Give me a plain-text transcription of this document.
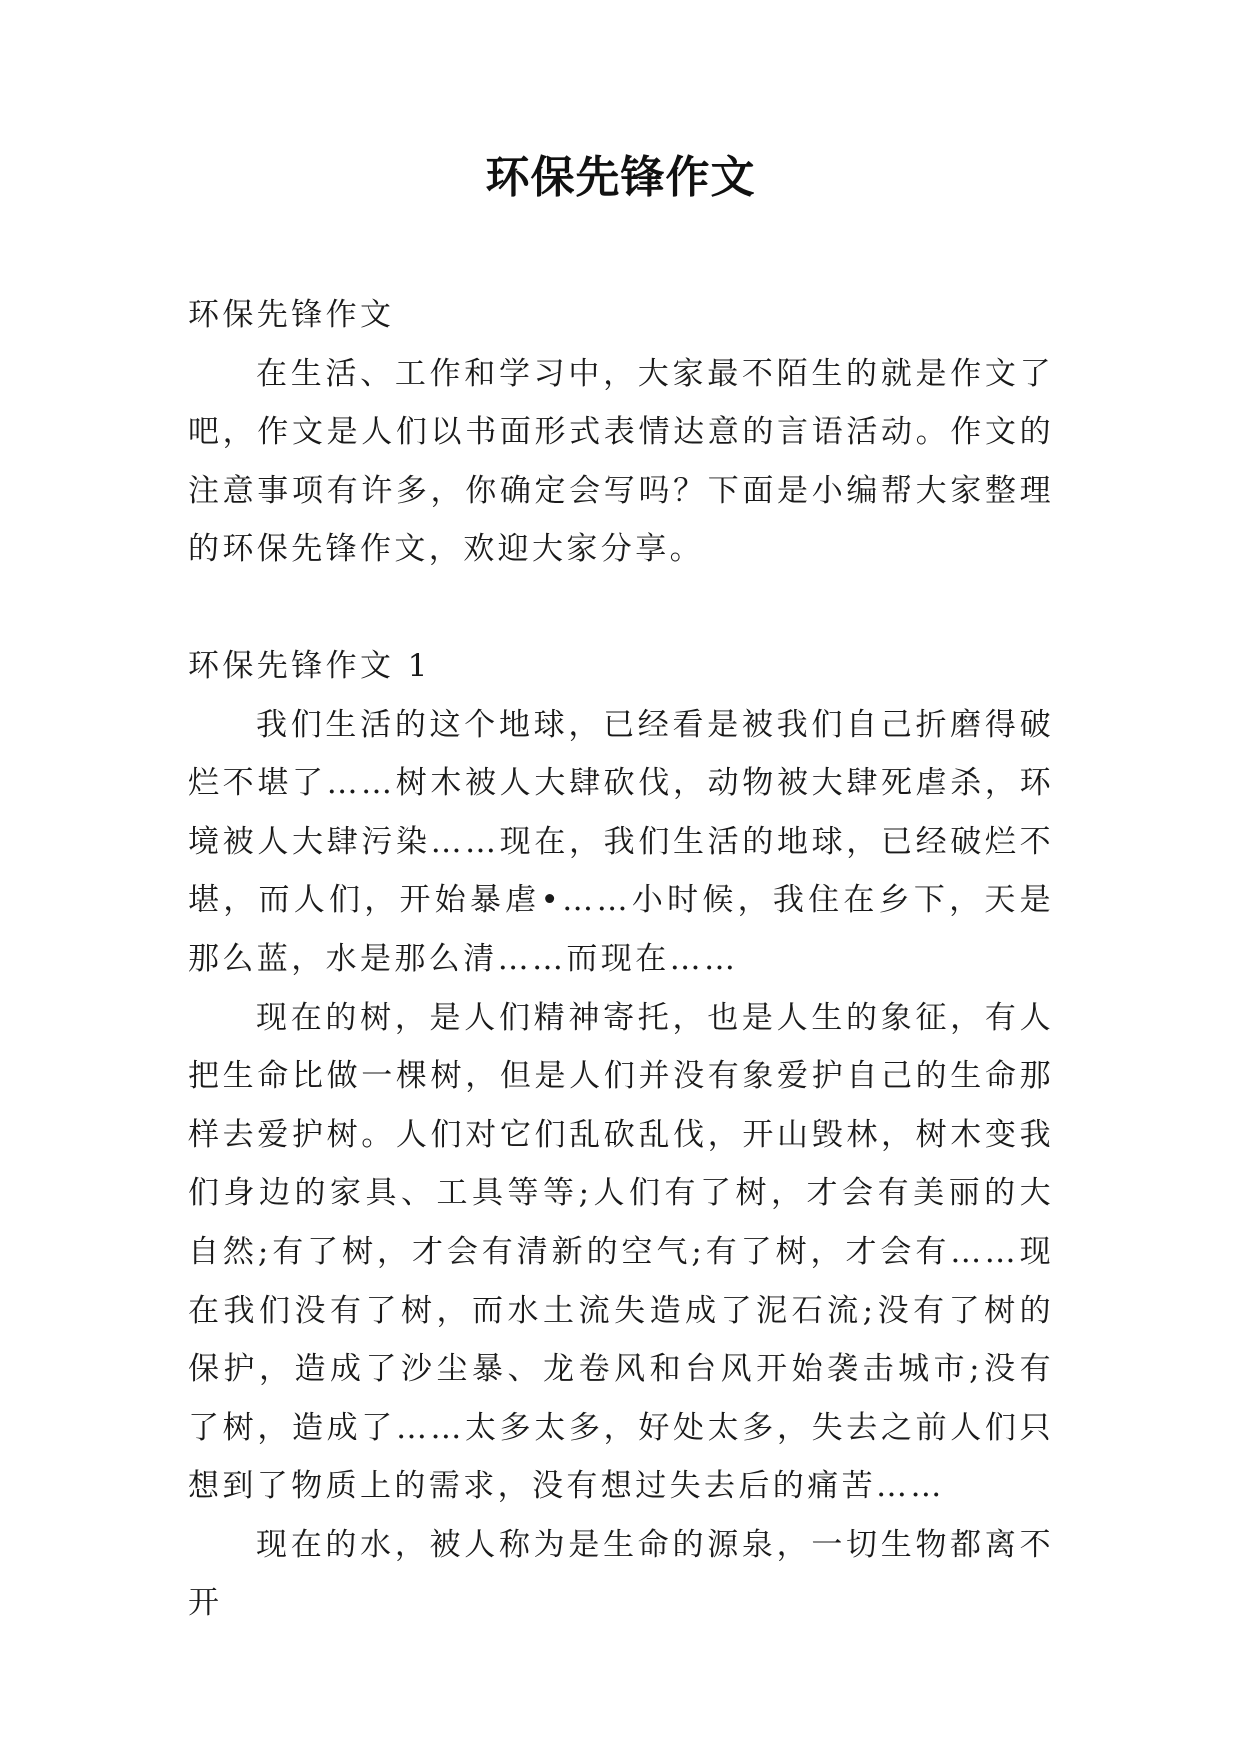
环保先锋作文

环保先锋作文

在生活、工作和学习中，大家最不陌生的就是作文了吧，作文是人们以书面形式表情达意的言语活动。作文的注意事项有许多，你确定会写吗？下面是小编帮大家整理的环保先锋作文，欢迎大家分享。

环保先锋作文 1

我们生活的这个地球，已经看是被我们自己折磨得破烂不堪了……树木被人大肆砍伐，动物被大肆死虐杀，环境被人大肆污染……现在，我们生活的地球，已经破烂不堪，而人们，开始暴虐•……小时候，我住在乡下，天是那么蓝，水是那么清……而现在……

现在的树，是人们精神寄托，也是人生的象征，有人把生命比做一棵树，但是人们并没有象爱护自己的生命那样去爱护树。人们对它们乱砍乱伐，开山毁林，树木变我们身边的家具、工具等等;人们有了树，才会有美丽的大自然;有了树，才会有清新的空气;有了树，才会有……现在我们没有了树，而水土流失造成了泥石流;没有了树的保护，造成了沙尘暴、龙卷风和台风开始袭击城市;没有了树，造成了……太多太多，好处太多，失去之前人们只想到了物质上的需求，没有想过失去后的痛苦……

现在的水，被人称为是生命的源泉，一切生物都离不开
